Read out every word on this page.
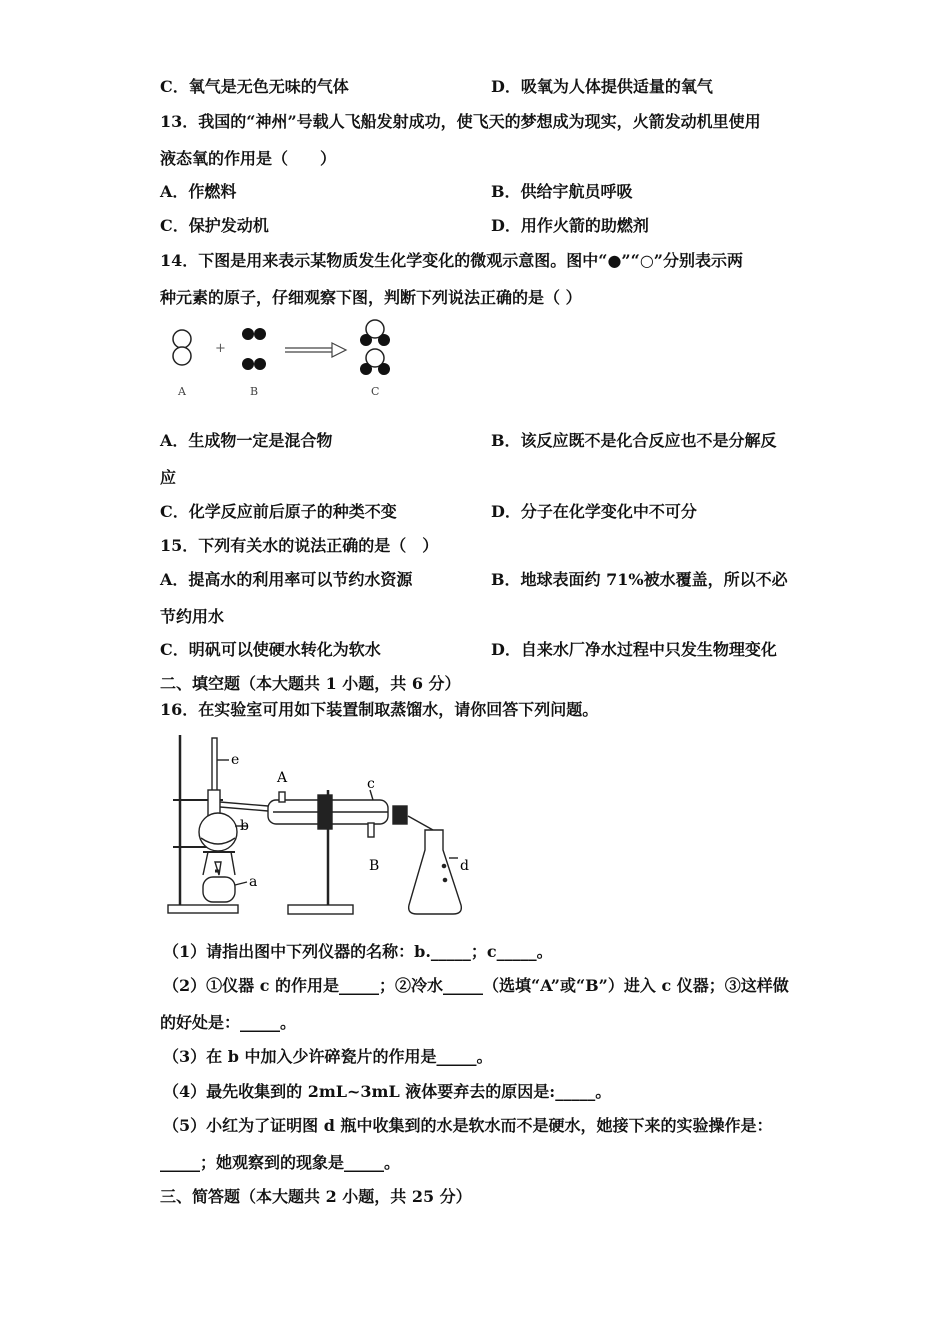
C．氧气是无色无味的气体	D．吸氧为人体提供适量的氧气
13．我国的“神州”号载人飞船发射成功，使飞天的梦想成为现实，火箭发动机里使用
液态氧的作用是（　　）
A．作燃料	B．供给宇航员呼吸
C．保护发动机	D．用作火箭的助燃剂
14．下图是用来表示某物质发生化学变化的微观示意图。图中“●”“○”分别表示两
种元素的原子，仔细观察下图，判断下列说法正确的是（ ）
+
A	B	C
A．生成物一定是混合物	B．该反应既不是化合反应也不是分解反
应
C．化学反应前后原子的种类不变	D．分子在化学变化中不可分
15．下列有关水的说法正确的是（　）
A．提高水的利用率可以节约水资源	B．地球表面约 71%被水覆盖，所以不必
节约用水
C．明矾可以使硬水转化为软水	D．自来水厂净水过程中只发生物理变化
二、填空题（本大题共 1 小题，共 6 分）
16．在实验室可用如下装置制取蒸馏水，请你回答下列问题。
e
A	c
b
B	d
a
（1）请指出图中下列仪器的名称：b._____；c_____。
（2）①仪器 c 的作用是_____；②冷水_____（选填“A”或“B”）进入 c 仪器；③这样做
的好处是：_____。
（3）在 b 中加入少许碎瓷片的作用是_____。
（4）最先收集到的 2mL~3mL 液体要弃去的原因是:_____。
（5）小红为了证明图 d 瓶中收集到的水是软水而不是硬水，她接下来的实验操作是：
_____；她观察到的现象是_____。
三、简答题（本大题共 2 小题，共 25 分）
